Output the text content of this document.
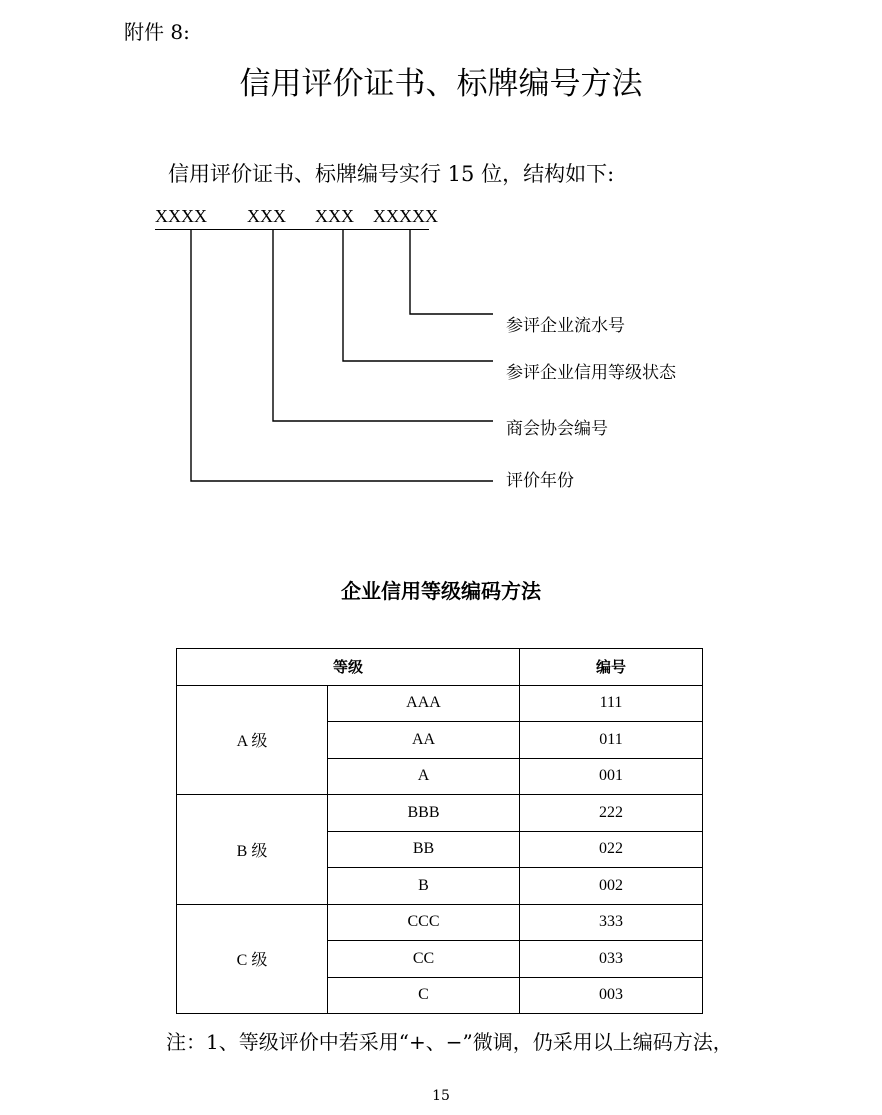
附件 8:
信用评价证书、标牌编号方法
信用评价证书、标牌编号实行 15 位，结构如下:
XXXX XXX XXX XXXXX
参评企业流水号
参评企业信用等级状态
商会协会编号
评价年份
企业信用等级编码方法
等级		编号
A 级	AAA	111
	AA	011
	A	001
B 级	BBB	222
	BB	022
	B	002
C 级	CCC	333
	CC	033
	C	003
注：1、等级评价中若采用“+、−”微调，仍采用以上编码方法，
15
